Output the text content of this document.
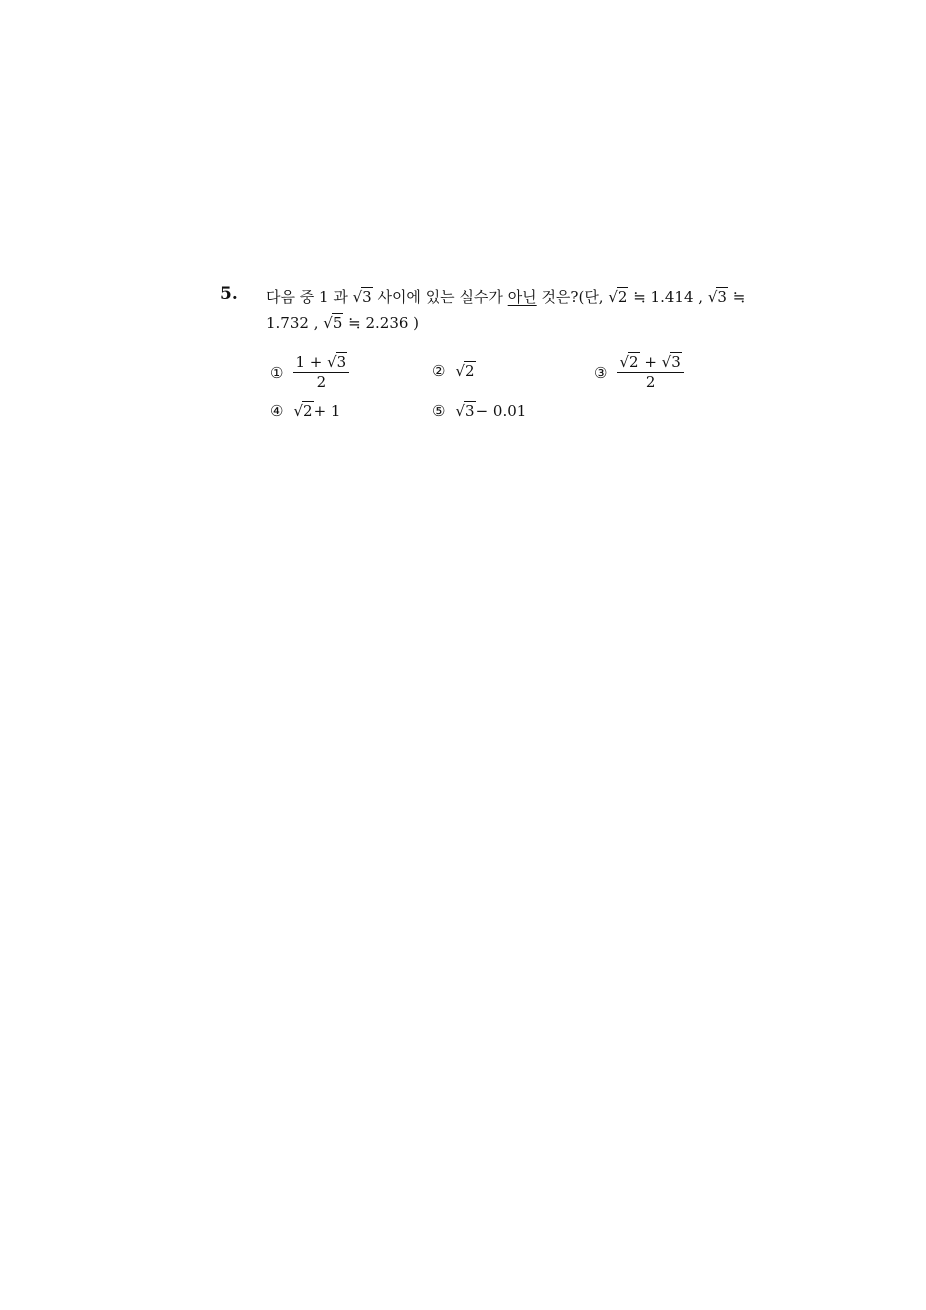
5. 다음 중 1 과 √3 사이에 있는 실수가 아닌 것은?(단, √2 ≒ 1.414 , √3 ≒
1.732 , √5 ≒ 2.236 )
① $\frac{1 + √3}{2}$	② √2	③ $\frac{√2 + √3}{2}$
④ √2 + 1	⑤ √3 − 0.01
